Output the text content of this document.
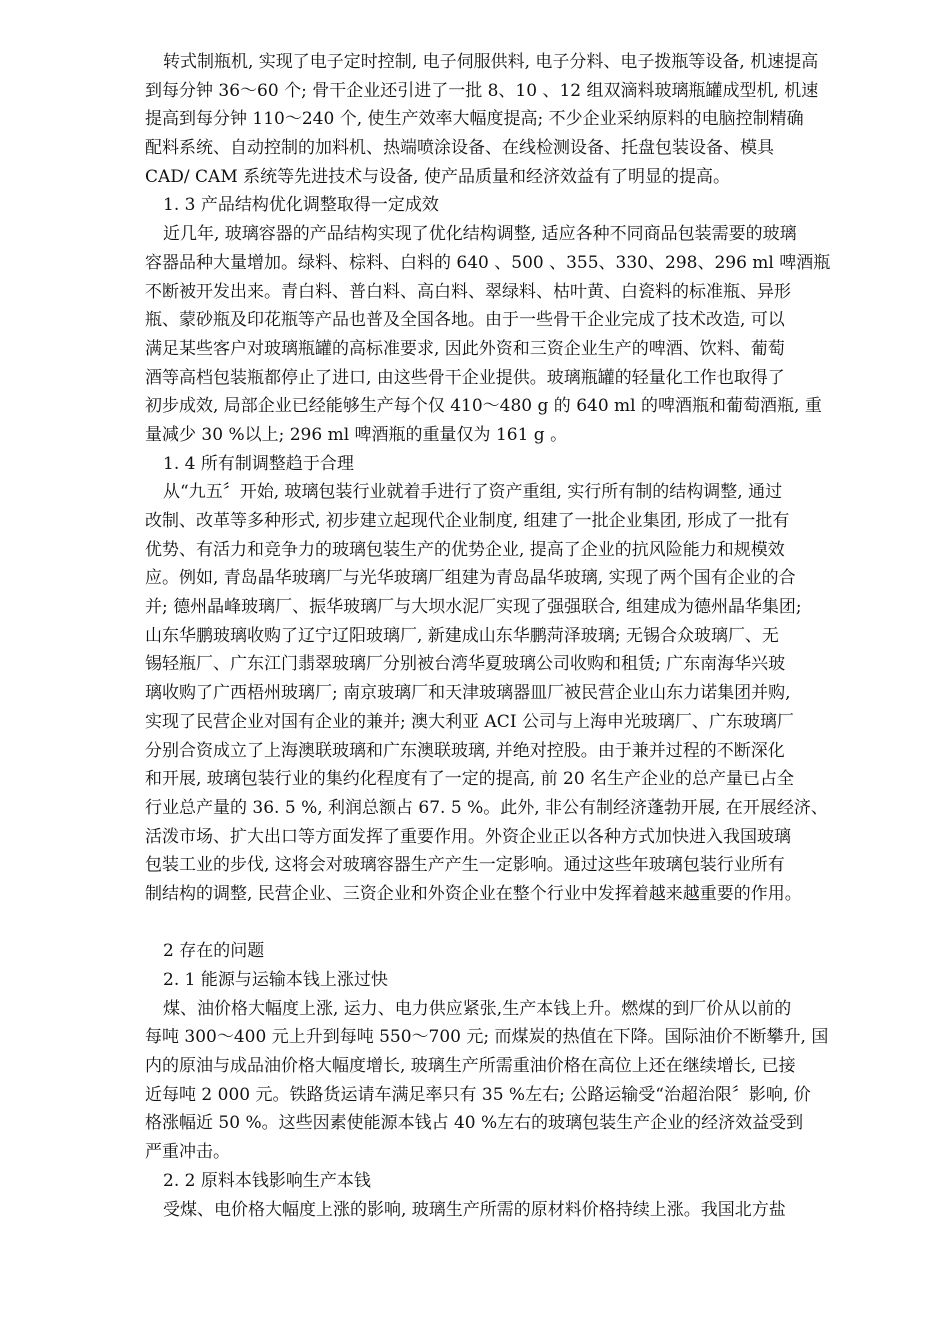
转式制瓶机, 实现了电子定时控制, 电子伺服供料, 电子分料、电子拨瓶等设备, 机速提高
到每分钟 36～60 个; 骨干企业还引进了一批 8、10 、12 组双滴料玻璃瓶罐成型机, 机速
提高到每分钟 110～240 个, 使生产效率大幅度提高; 不少企业采纳原料的电脑控制精确
配料系统、自动控制的加料机、热端喷涂设备、在线检测设备、托盘包装设备、模具
CAD/ CAM 系统等先进技术与设备, 使产品质量和经济效益有了明显的提高。
1. 3 产品结构优化调整取得一定成效
近几年, 玻璃容器的产品结构实现了优化结构调整, 适应各种不同商品包装需要的玻璃
容器品种大量增加。绿料、棕料、白料的 640 、500 、355、330、298、296 ml 啤酒瓶
不断被开发出来。青白料、普白料、高白料、翠绿料、枯叶黄、白瓷料的标准瓶、异形
瓶、蒙砂瓶及印花瓶等产品也普及全国各地。由于一些骨干企业完成了技术改造, 可以
满足某些客户对玻璃瓶罐的高标准要求, 因此外资和三资企业生产的啤酒、饮料、葡萄
酒等高档包装瓶都停止了进口, 由这些骨干企业提供。玻璃瓶罐的轻量化工作也取得了
初步成效, 局部企业已经能够生产每个仅 410～480 g 的 640 ml 的啤酒瓶和葡萄酒瓶, 重
量减少 30 %以上; 296 ml 啤酒瓶的重量仅为 161 g 。
1. 4 所有制调整趋于合理
从“九五〞开始, 玻璃包装行业就着手进行了资产重组, 实行所有制的结构调整, 通过
改制、改革等多种形式, 初步建立起现代企业制度, 组建了一批企业集团, 形成了一批有
优势、有活力和竞争力的玻璃包装生产的优势企业, 提高了企业的抗风险能力和规模效
应。例如, 青岛晶华玻璃厂与光华玻璃厂组建为青岛晶华玻璃, 实现了两个国有企业的合
并; 德州晶峰玻璃厂、振华玻璃厂与大坝水泥厂实现了强强联合, 组建成为德州晶华集团;
山东华鹏玻璃收购了辽宁辽阳玻璃厂, 新建成山东华鹏菏泽玻璃; 无锡合众玻璃厂、无
锡轻瓶厂、广东江门翡翠玻璃厂分别被台湾华夏玻璃公司收购和租赁; 广东南海华兴玻
璃收购了广西梧州玻璃厂; 南京玻璃厂和天津玻璃器皿厂被民营企业山东力诺集团并购,
实现了民营企业对国有企业的兼并; 澳大利亚 ACI 公司与上海申光玻璃厂、广东玻璃厂
分别合资成立了上海澳联玻璃和广东澳联玻璃, 并绝对控股。由于兼并过程的不断深化
和开展, 玻璃包装行业的集约化程度有了一定的提高, 前 20 名生产企业的总产量已占全
行业总产量的 36. 5 %, 利润总额占 67. 5 %。此外, 非公有制经济蓬勃开展, 在开展经济、
活泼市场、扩大出口等方面发挥了重要作用。外资企业正以各种方式加快进入我国玻璃
包装工业的步伐, 这将会对玻璃容器生产产生一定影响。通过这些年玻璃包装行业所有
制结构的调整, 民营企业、三资企业和外资企业在整个行业中发挥着越来越重要的作用。
2 存在的问题
2. 1 能源与运输本钱上涨过快
煤、油价格大幅度上涨, 运力、电力供应紧张,生产本钱上升。燃煤的到厂价从以前的
每吨 300～400 元上升到每吨 550～700 元; 而煤炭的热值在下降。国际油价不断攀升, 国
内的原油与成品油价格大幅度增长, 玻璃生产所需重油价格在高位上还在继续增长, 已接
近每吨 2 000 元。铁路货运请车满足率只有 35 %左右; 公路运输受“治超治限〞影响, 价
格涨幅近 50 %。这些因素使能源本钱占 40 %左右的玻璃包装生产企业的经济效益受到
严重冲击。
2. 2 原料本钱影响生产本钱
受煤、电价格大幅度上涨的影响, 玻璃生产所需的原材料价格持续上涨。我国北方盐
